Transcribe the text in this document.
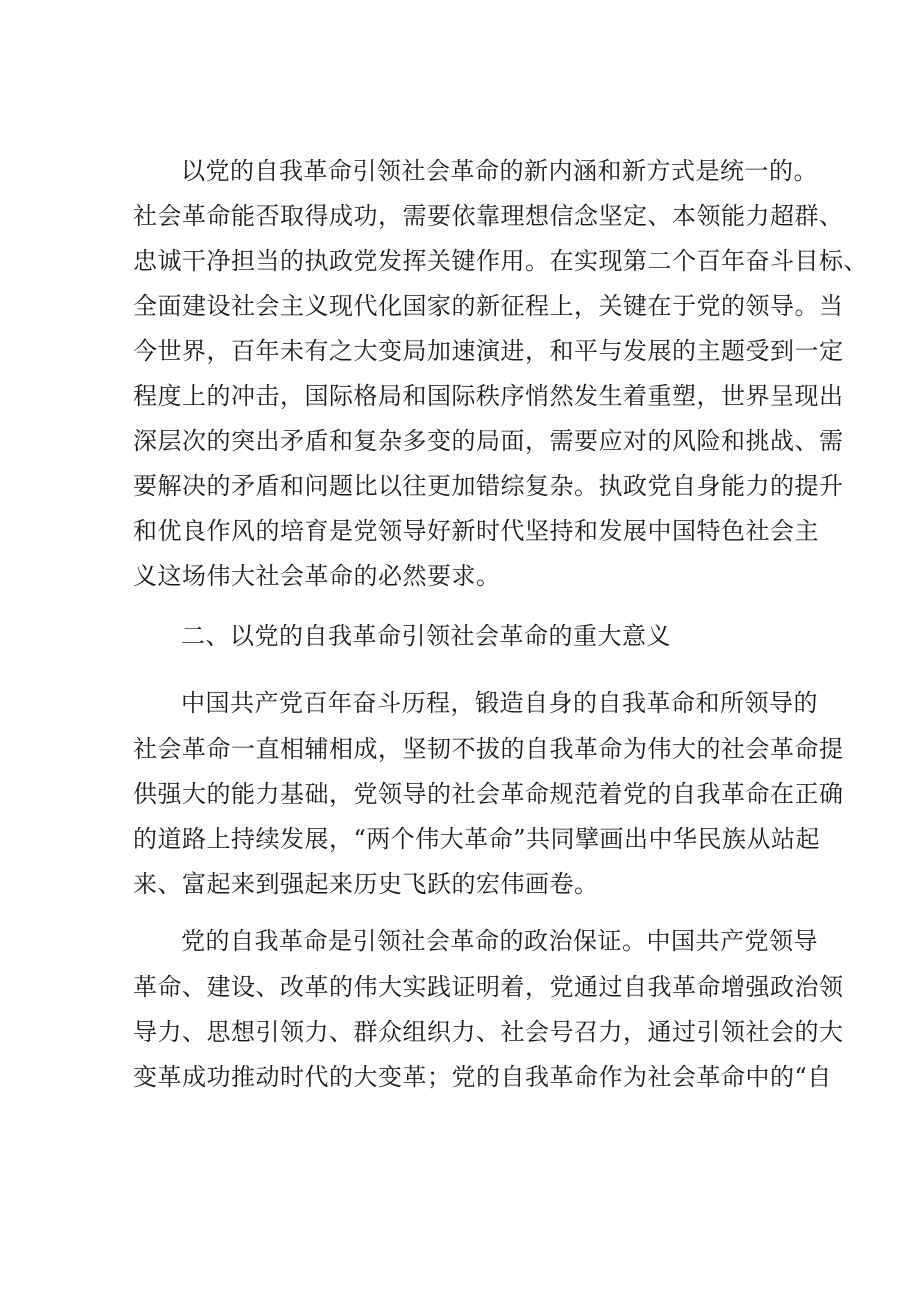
以党的自我革命引领社会革命的新内涵和新方式是统一的。
社会革命能否取得成功，需要依靠理想信念坚定、本领能力超群、
忠诚干净担当的执政党发挥关键作用。在实现第二个百年奋斗目标、
全面建设社会主义现代化国家的新征程上，关键在于党的领导。当
今世界，百年未有之大变局加速演进，和平与发展的主题受到一定
程度上的冲击，国际格局和国际秩序悄然发生着重塑，世界呈现出
深层次的突出矛盾和复杂多变的局面，需要应对的风险和挑战、需
要解决的矛盾和问题比以往更加错综复杂。执政党自身能力的提升
和优良作风的培育是党领导好新时代坚持和发展中国特色社会主
义这场伟大社会革命的必然要求。
二、以党的自我革命引领社会革命的重大意义
中国共产党百年奋斗历程，锻造自身的自我革命和所领导的
社会革命一直相辅相成，坚韧不拔的自我革命为伟大的社会革命提
供强大的能力基础，党领导的社会革命规范着党的自我革命在正确
的道路上持续发展，“两个伟大革命”共同擘画出中华民族从站起
来、富起来到强起来历史飞跃的宏伟画卷。
党的自我革命是引领社会革命的政治保证。中国共产党领导
革命、建设、改革的伟大实践证明着，党通过自我革命增强政治领
导力、思想引领力、群众组织力、社会号召力，通过引领社会的大
变革成功推动时代的大变革；党的自我革命作为社会革命中的“自
